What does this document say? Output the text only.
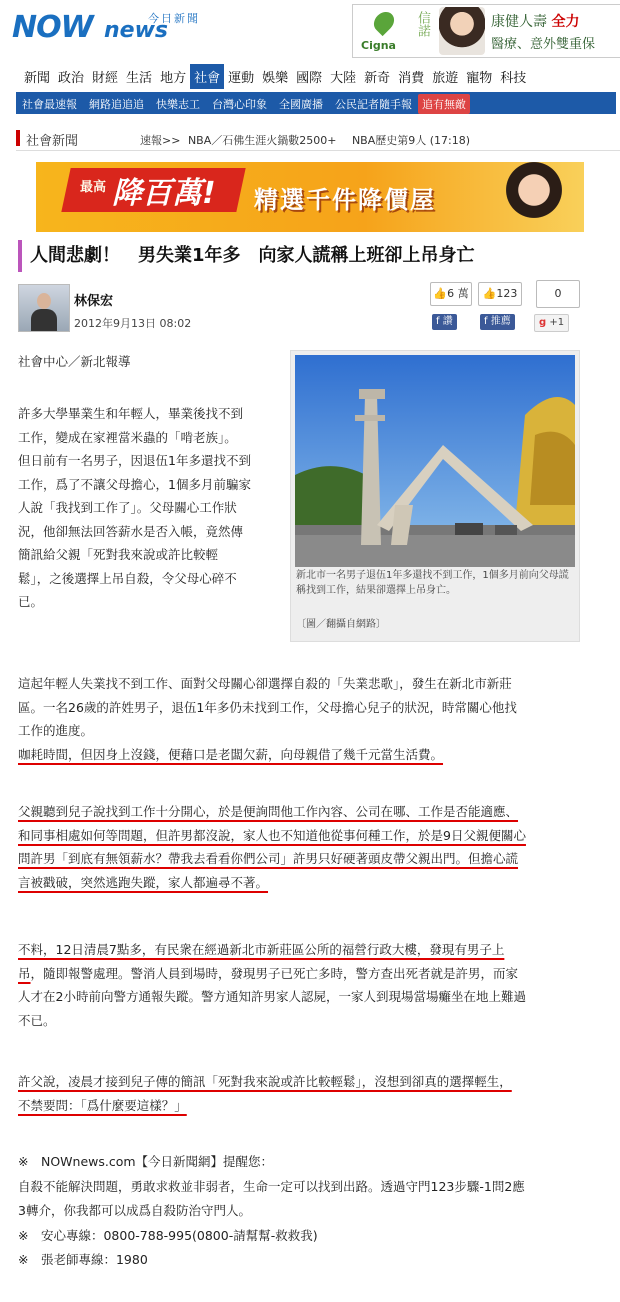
NOW news
今日新聞
Cigna
信諾	康健人壽 全力
醫療、意外雙重保
新聞 政治 財經 生活 地方 社會 運動 娛樂 國際 大陸 新奇 消費 旅遊 寵物 科技
社會最速報 網路追追追 快樂志工 台灣心印象 全國廣播 公民記者隨手報 追有無敵
社會新聞	速報>> NBA／石佛生涯火鍋數2500+ NBA歷史第9人 (17:18)
最高 降百萬! 精選千件降價屋
人間悲劇！　男失業1年多　向家人謊稱上班卻上吊身亡
林保宏
2012年9月13日 08:02
👍6 萬	👍123	0
f 讚	f 推薦	g +1
社會中心／新北報導
許多大學畢業生和年輕人，畢業後找不到
工作，變成在家裡當米蟲的「啃老族」。
但日前有一名男子，因退伍1年多還找不到
工作，爲了不讓父母擔心，1個多月前騙家
人說「我找到工作了」。父母關心工作狀
況，他卻無法回答薪水是否入帳，竟然傳
簡訊給父親「死對我來說或許比較輕
鬆」，之後選擇上吊自殺，令父母心碎不
已。
新北市一名男子退伍1年多還找不到工作，1個多月前向父母謊稱找到工作，結果卻選擇上吊身亡。
〔圖／翻攝自網路〕
這起年輕人失業找不到工作、面對父母關心卻選擇自殺的「失業悲歌」，發生在新北市新莊
區。一名26歲的許姓男子，退伍1年多仍未找到工作，父母擔心兒子的狀況，時常關心他找
工作的進度。
咖耗時間，但因身上沒錢，便藉口是老闆欠薪，向母親借了幾千元當生活費。
父親聽到兒子說找到工作十分開心，於是便詢問他工作內容、公司在哪、工作是否能適應、
和同事相處如何等問題，但許男都沒說，家人也不知道他從事何種工作，於是9日父親便關心
問許男「到底有無領薪水？帶我去看看你們公司」許男只好硬著頭皮帶父親出門。但擔心謊
言被戳破，突然逃跑失蹤，家人都遍尋不著。
不料，12日清晨7點多，有民衆在經過新北市新莊區公所的福營行政大樓，發現有男子上
吊，隨即報警處理。警消人員到場時，發現男子已死亡多時，警方查出死者就是許男，而家
人才在2小時前向警方通報失蹤。警方通知許男家人認屍，一家人到現場當場癱坐在地上難過
不已。
許父說，凌晨才接到兒子傳的簡訊「死對我來說或許比較輕鬆」，沒想到卻真的選擇輕生，
不禁要問：「爲什麼要這樣？」

※　NOWnews.com【今日新聞網】提醒您：

自殺不能解決問題，勇敢求救並非弱者，生命一定可以找到出路。透過守門123步驟-1問2應

3轉介，你我都可以成爲自殺防治守門人。

※　安心專線：0800-788-995(0800-請幫幫-救救我)

※　張老師專線：1980
